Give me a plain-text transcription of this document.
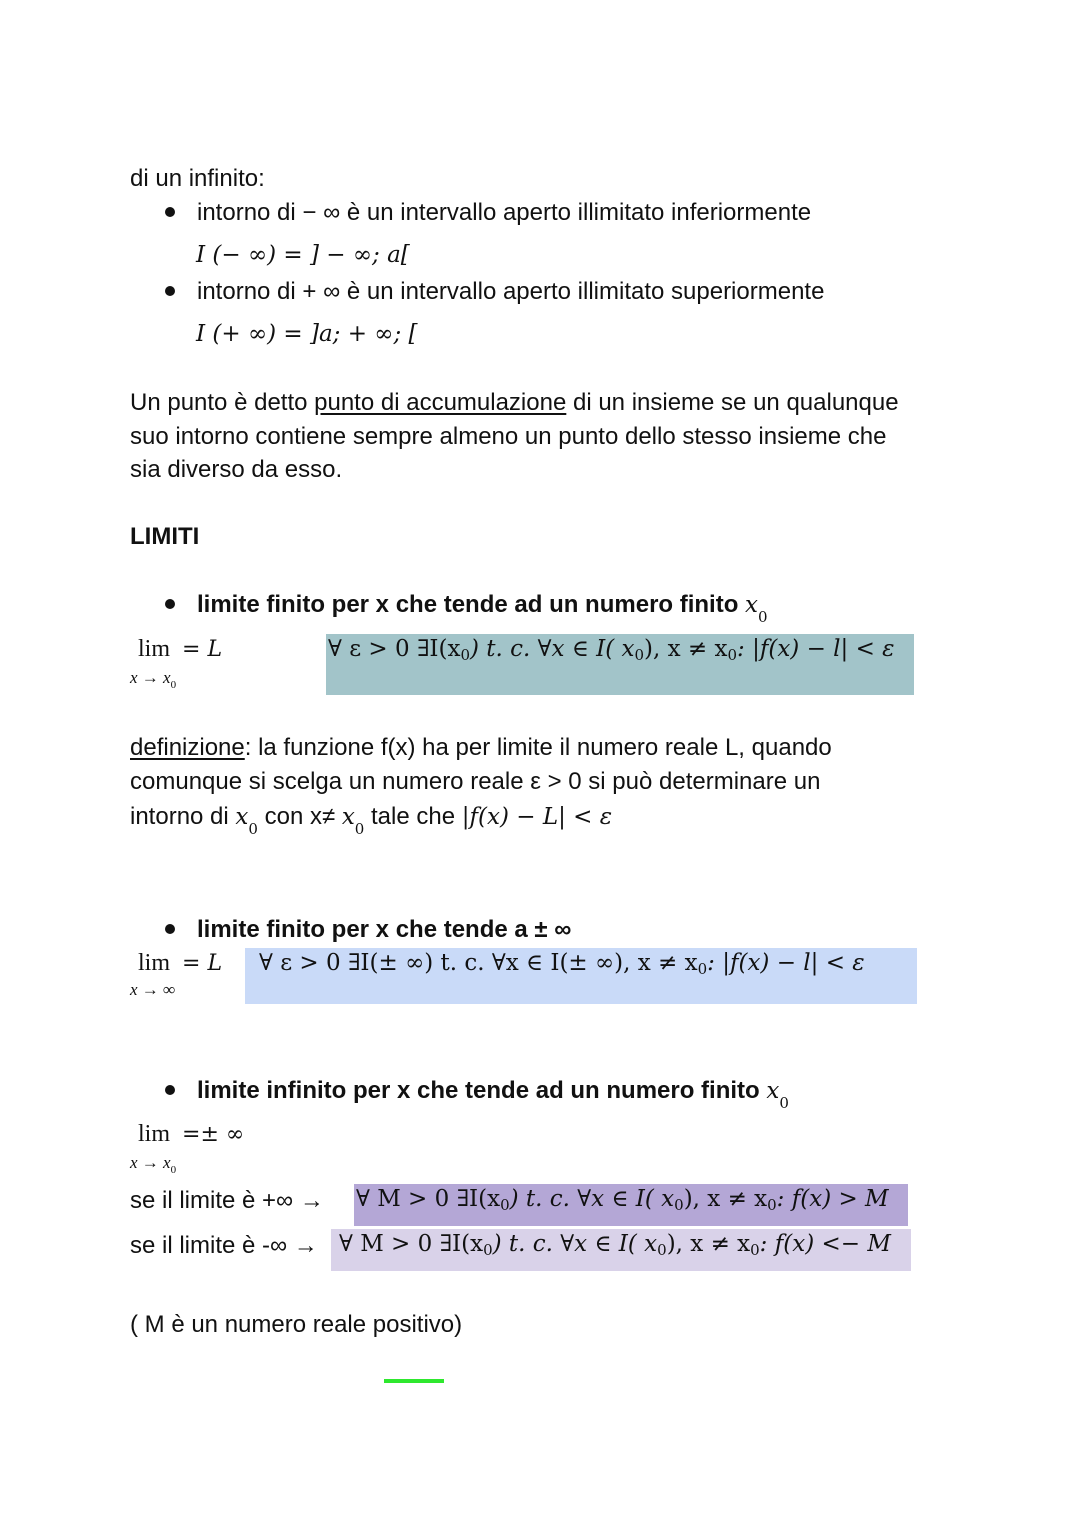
di un infinito:
intorno di − ∞ è un intervallo aperto illimitato inferiormente
I (− ∞) = ] − ∞; a[
intorno di + ∞ è un intervallo aperto illimitato superiormente
I (+ ∞) = ]a; + ∞; [
Un punto è detto punto di accumulazione di un insieme se un qualunque
suo intorno contiene sempre almeno un punto dello stesso insieme che
sia diverso da esso.
LIMITI
limite finito per x che tende ad un numero finito $x_0$
lim = L
$x \to x_0$
∀ ε > 0 ∃I(x 0 ) t. c. ∀x ∈ I( x 0 ), x ≠ x 0 : |f(x) − l| < ε
definizione: la funzione f(x) ha per limite il numero reale L, quando
comunque si scelga un numero reale ε > 0 si può determinare un
intorno di $x_0$ con $x\ne x_0$ tale che |f(x) − L| < ε
limite finito per x che tende a ± ∞
lim = L
x → ∞
∀ ε > 0 ∃I(± ∞) t. c. ∀x ∈ I(± ∞), x ≠ x 0 : |f(x) − l| < ε
limite infinito per x che tende ad un numero finito $x_0$
lim =± ∞
$x \to x_0$
se il limite è +∞ → ∀ M > 0 ∃I(x 0 ) t. c. ∀x ∈ I( x 0 ), x ≠ x 0 : f(x) > M
se il limite è -∞ → ∀ M > 0 ∃I(x 0 ) t. c. ∀x ∈ I( x 0 ), x ≠ x 0 : f(x) <− M
( M è un numero reale positivo)
